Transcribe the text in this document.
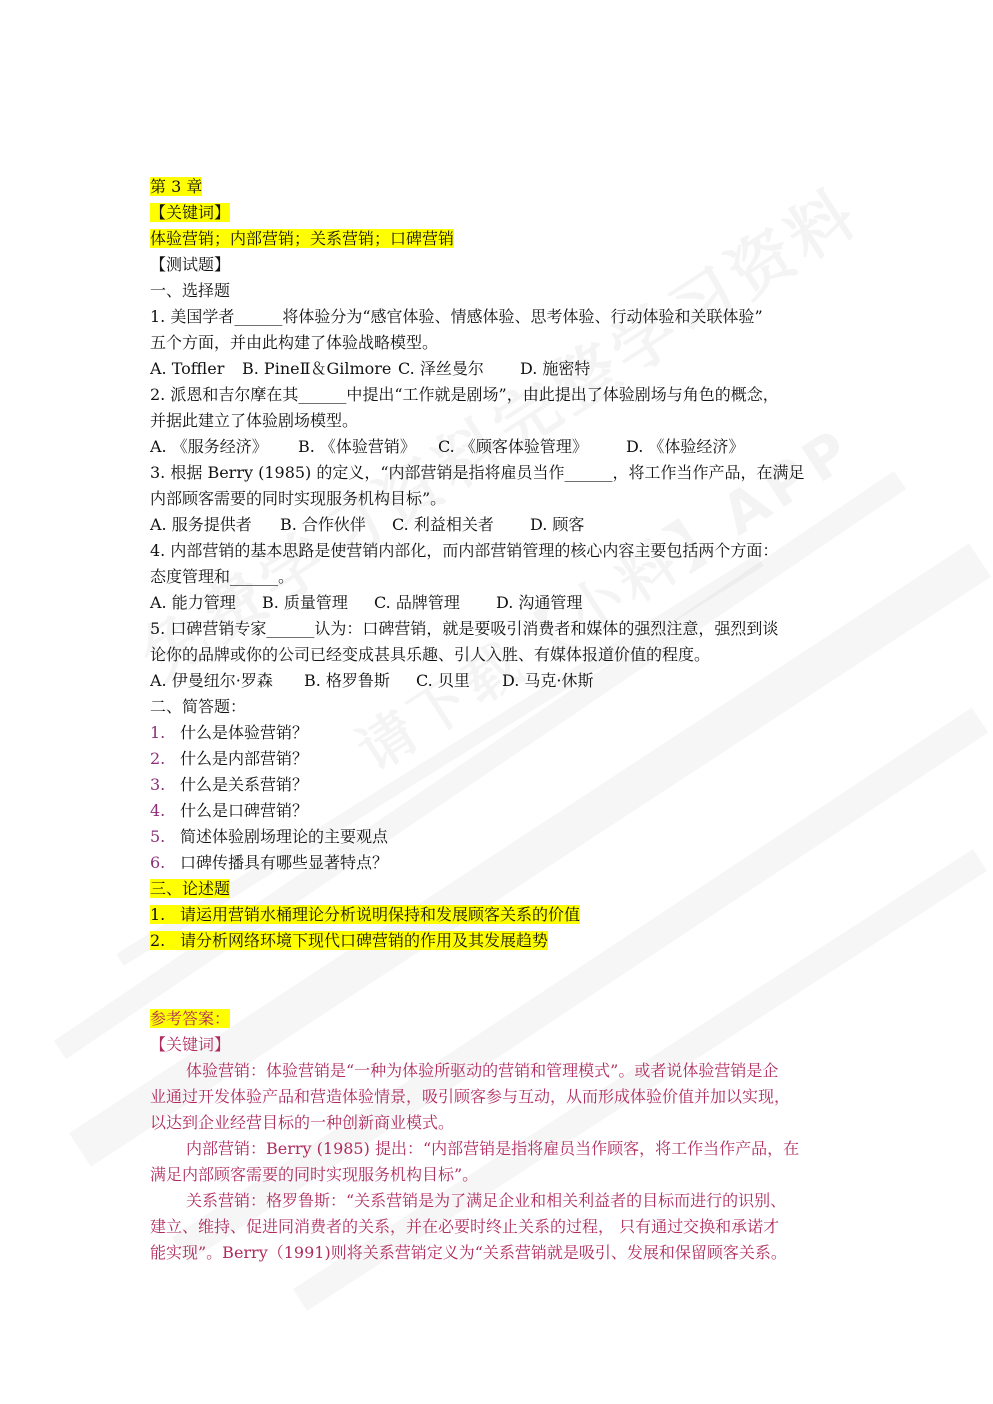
第 3 章
【关键词】
体验营销；内部营销；关系营销；口碑营销
【测试题】
一、选择题
1. 美国学者______将体验分为“感官体验、情感体验、思考体验、行动体验和关联体验”
五个方面，并由此构建了体验战略模型。
A. Toffler B. PineⅡ＆Gilmore C. 泽丝曼尔 D. 施密特
2. 派恩和吉尔摩在其______中提出“工作就是剧场”，由此提出了体验剧场与角色的概念，
并据此建立了体验剧场模型。
A. 《服务经济》 B. 《体验营销》 C. 《顾客体验管理》 D. 《体验经济》
3. 根据 Berry (1985) 的定义，“内部营销是指将雇员当作______，将工作当作产品，在满足
内部顾客需要的同时实现服务机构目标”。
A. 服务提供者 B. 合作伙伴 C. 利益相关者 D. 顾客
4. 内部营销的基本思路是使营销内部化，而内部营销管理的核心内容主要包括两个方面：
态度管理和______。
A. 能力管理 B. 质量管理 C. 品牌管理 D. 沟通管理
5. 口碑营销专家______认为：口碑营销，就是要吸引消费者和媒体的强烈注意，强烈到谈
论你的品牌或你的公司已经变成甚具乐趣、引人入胜、有媒体报道价值的程度。
A. 伊曼纽尔·罗森 B. 格罗鲁斯 C. 贝里 D. 马克·休斯
二、简答题：
1. 什么是体验营销？
2. 什么是内部营销？
3. 什么是关系营销？
4. 什么是口碑营销？
5. 简述体验剧场理论的主要观点
6. 口碑传播具有哪些显著特点？
三、论述题
1. 请运用营销水桶理论分析说明保持和发展顾客关系的价值
2. 请分析网络环境下现代口碑营销的作用及其发展趋势
参考答案：
【关键词】
体验营销：体验营销是“一种为体验所驱动的营销和管理模式”。或者说体验营销是企
业通过开发体验产品和营造体验情景，吸引顾客参与互动，从而形成体验价值并加以实现，
以达到企业经营目标的一种创新商业模式。
内部营销：Berry (1985) 提出：“内部营销是指将雇员当作顾客，将工作当作产品，在
满足内部顾客需要的同时实现服务机构目标”。
关系营销：格罗鲁斯：“关系营销是为了满足企业和相关利益者的目标而进行的识别、
建立、维持、促进同消费者的关系，并在必要时终止关系的过程， 只有通过交换和承诺才
能实现”。Berry（1991)则将关系营销定义为“关系营销就是吸引、发展和保留顾客关系。
